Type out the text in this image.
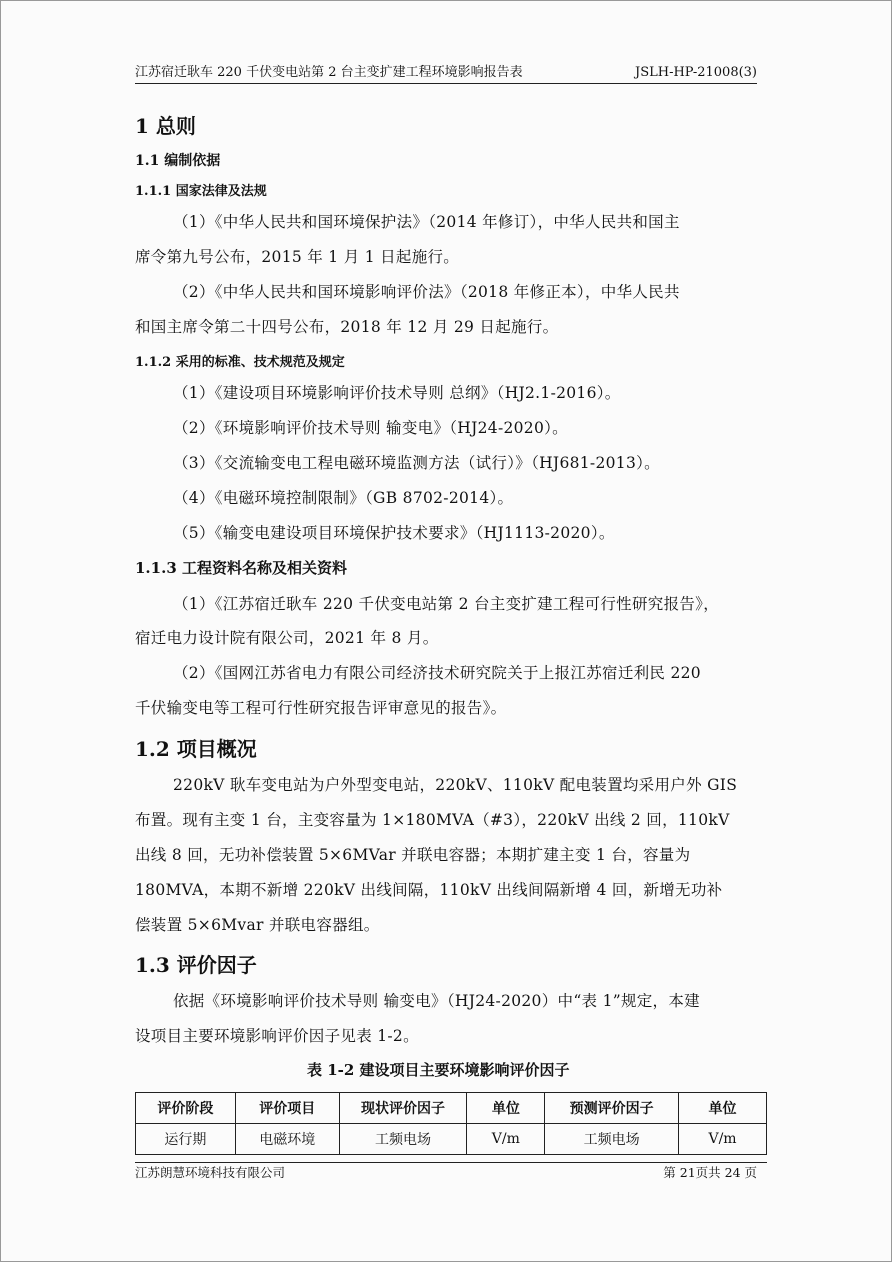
江苏宿迁耿车 220 千伏变电站第 2 台主变扩建工程环境影响报告表	JSLH-HP-21008(3)
1 总则
1.1 编制依据
1.1.1 国家法律及法规
（1）《中华人民共和国环境保护法》（2014 年修订），中华人民共和国主
席令第九号公布，2015 年 1 月 1 日起施行。
（2）《中华人民共和国环境影响评价法》（2018 年修正本），中华人民共
和国主席令第二十四号公布，2018 年 12 月 29 日起施行。
1.1.2 采用的标准、技术规范及规定
（1）《建设项目环境影响评价技术导则 总纲》（HJ2.1-2016）。
（2）《环境影响评价技术导则 输变电》（HJ24-2020）。
（3）《交流输变电工程电磁环境监测方法（试行）》（HJ681-2013）。
（4）《电磁环境控制限制》（GB 8702-2014）。
（5）《输变电建设项目环境保护技术要求》（HJ1113-2020）。
1.1.3 工程资料名称及相关资料
（1）《江苏宿迁耿车 220 千伏变电站第 2 台主变扩建工程可行性研究报告》，
宿迁电力设计院有限公司，2021 年 8 月。
（2）《国网江苏省电力有限公司经济技术研究院关于上报江苏宿迁利民 220
千伏输变电等工程可行性研究报告评审意见的报告》。
1.2 项目概况
220kV 耿车变电站为户外型变电站，220kV、110kV 配电装置均采用户外 GIS
布置。现有主变 1 台，主变容量为 1×180MVA（#3），220kV 出线 2 回，110kV
出线 8 回，无功补偿装置 5×6MVar 并联电容器；本期扩建主变 1 台，容量为
180MVA，本期不新增 220kV 出线间隔，110kV 出线间隔新增 4 回，新增无功补
偿装置 5×6Mvar 并联电容器组。
1.3 评价因子
依据《环境影响评价技术导则 输变电》（HJ24-2020）中“表 1”规定，本建
设项目主要环境影响评价因子见表 1-2。
表 1-2 建设项目主要环境影响评价因子
评价阶段	评价项目	现状评价因子	单位	预测评价因子	单位
运行期	电磁环境	工频电场	V/m	工频电场	V/m
江苏朗慧环境科技有限公司	第 21页共 24 页
